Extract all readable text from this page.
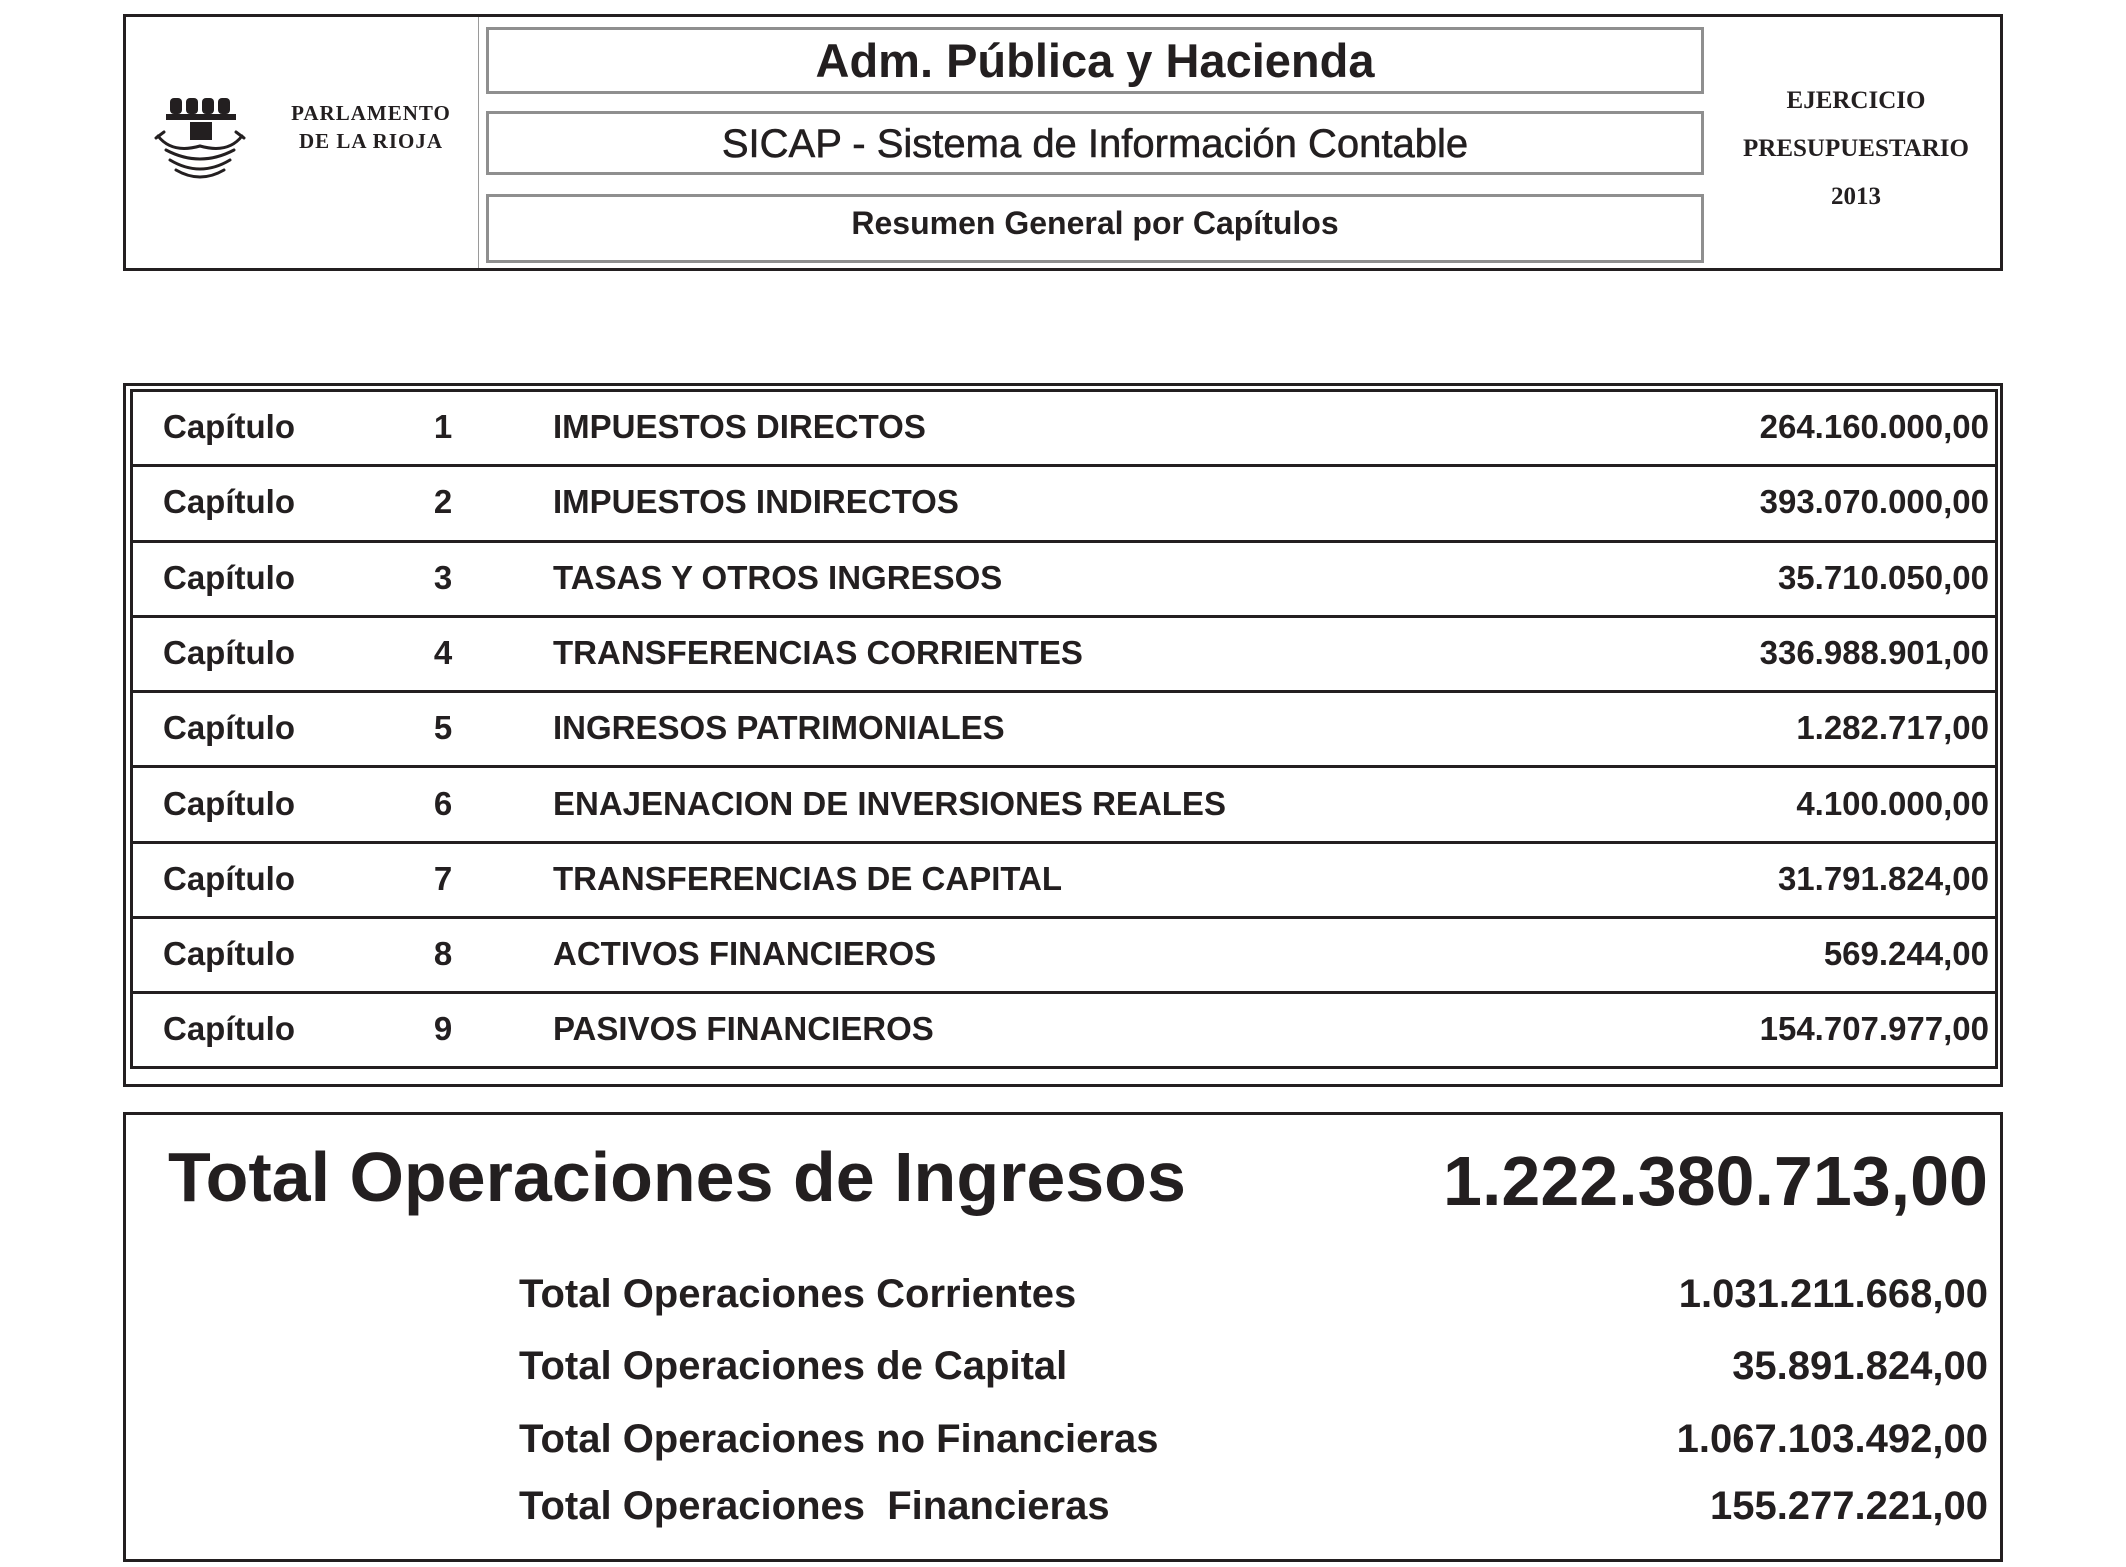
PARLAMENTO
DE LA RIOJA
Adm. Pública y Hacienda
SICAP - Sistema de Información Contable
Resumen General por Capítulos
EJERCICIO
PRESUPUESTARIO
2013
Capítulo	1	IMPUESTOS DIRECTOS	264.160.000,00
Capítulo	2	IMPUESTOS INDIRECTOS	393.070.000,00
Capítulo	3	TASAS Y OTROS INGRESOS	35.710.050,00
Capítulo	4	TRANSFERENCIAS CORRIENTES	336.988.901,00
Capítulo	5	INGRESOS PATRIMONIALES	1.282.717,00
Capítulo	6	ENAJENACION DE INVERSIONES REALES	4.100.000,00
Capítulo	7	TRANSFERENCIAS DE CAPITAL	31.791.824,00
Capítulo	8	ACTIVOS FINANCIEROS	569.244,00
Capítulo	9	PASIVOS FINANCIEROS	154.707.977,00
Total Operaciones de Ingresos	1.222.380.713,00
Total Operaciones Corrientes	1.031.211.668,00
Total Operaciones de Capital	35.891.824,00
Total Operaciones no Financieras	1.067.103.492,00
Total Operaciones  Financieras	155.277.221,00
